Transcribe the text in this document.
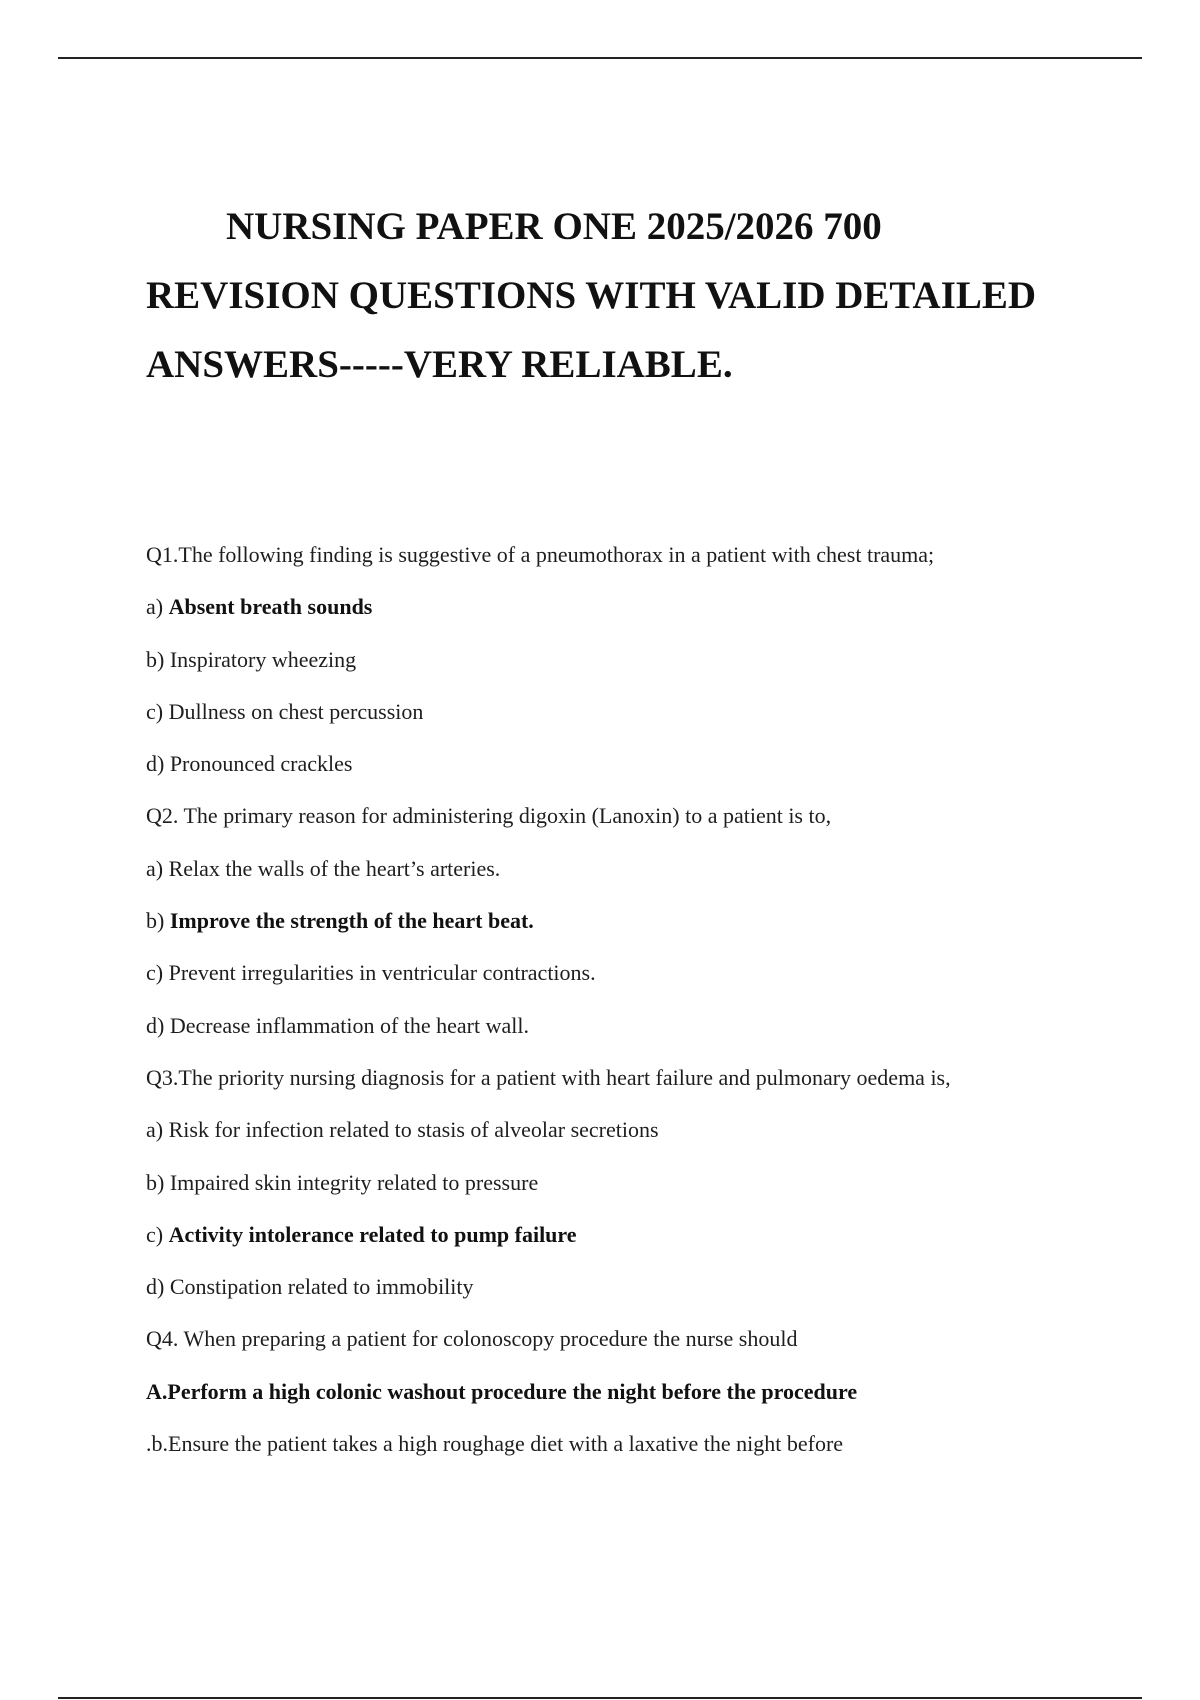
NURSING PAPER ONE 2025/2026 700
REVISION QUESTIONS WITH VALID DETAILED
ANSWERS-----VERY RELIABLE.
Q1.The following finding is suggestive of a pneumothorax in a patient with chest trauma;
a) Absent breath sounds
b) Inspiratory wheezing
c) Dullness on chest percussion
d) Pronounced crackles
Q2. The primary reason for administering digoxin (Lanoxin) to a patient is to,
a) Relax the walls of the heart’s arteries.
b) Improve the strength of the heart beat.
c) Prevent irregularities in ventricular contractions.
d) Decrease inflammation of the heart wall.
Q3.The priority nursing diagnosis for a patient with heart failure and pulmonary oedema is,
a) Risk for infection related to stasis of alveolar secretions
b) Impaired skin integrity related to pressure
c) Activity intolerance related to pump failure
d) Constipation related to immobility
Q4. When preparing a patient for colonoscopy procedure the nurse should
A.Perform a high colonic washout procedure the night before the procedure
.b.Ensure the patient takes a high roughage diet with a laxative the night before
